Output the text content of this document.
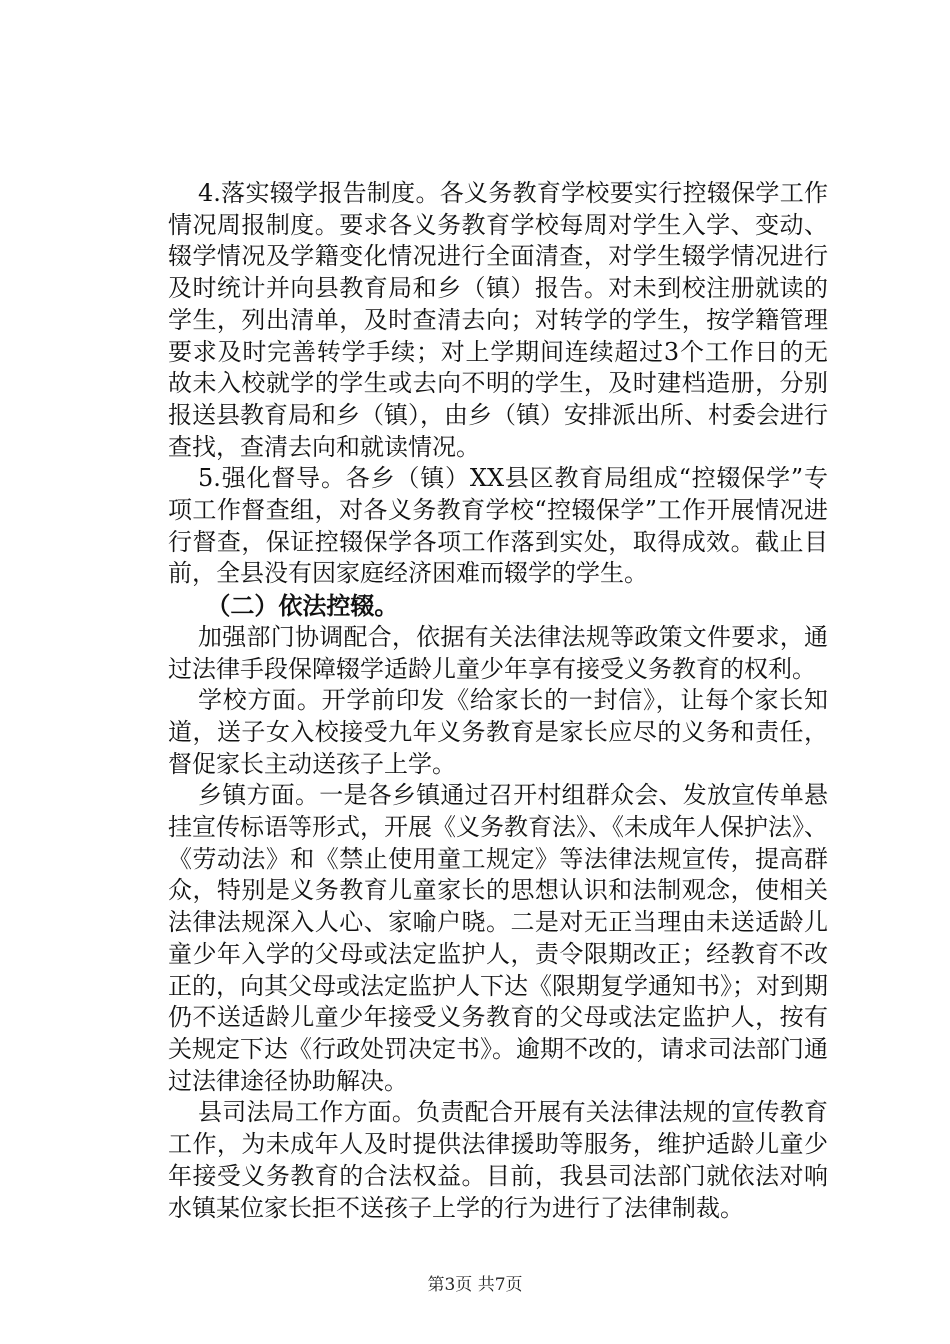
4.落实辍学报告制度。各义务教育学校要实行控辍保学工作情况周报制度。要求各义务教育学校每周对学生入学、变动、辍学情况及学籍变化情况进行全面清查，对学生辍学情况进行及时统计并向县教育局和乡（镇）报告。对未到校注册就读的学生，列出清单，及时查清去向；对转学的学生，按学籍管理要求及时完善转学手续；对上学期间连续超过3个工作日的无故未入校就学的学生或去向不明的学生，及时建档造册，分别报送县教育局和乡（镇），由乡（镇）安排派出所、村委会进行查找，查清去向和就读情况。

5.强化督导。各乡（镇）XX县区教育局组成“控辍保学”专项工作督查组，对各义务教育学校“控辍保学”工作开展情况进行督查，保证控辍保学各项工作落到实处，取得成效。截止目前，全县没有因家庭经济困难而辍学的学生。

（二）依法控辍。

加强部门协调配合，依据有关法律法规等政策文件要求，通过法律手段保障辍学适龄儿童少年享有接受义务教育的权利。

学校方面。开学前印发《给家长的一封信》，让每个家长知道，送子女入校接受九年义务教育是家长应尽的义务和责任，督促家长主动送孩子上学。

乡镇方面。一是各乡镇通过召开村组群众会、发放宣传单悬挂宣传标语等形式，开展《义务教育法》、《未成年人保护法》、《劳动法》和《禁止使用童工规定》等法律法规宣传，提高群众，特别是义务教育儿童家长的思想认识和法制观念，使相关法律法规深入人心、家喻户晓。二是对无正当理由未送适龄儿童少年入学的父母或法定监护人，责令限期改正；经教育不改正的，向其父母或法定监护人下达《限期复学通知书》；对到期仍不送适龄儿童少年接受义务教育的父母或法定监护人，按有关规定下达《行政处罚决定书》。逾期不改的，请求司法部门通过法律途径协助解决。

县司法局工作方面。负责配合开展有关法律法规的宣传教育工作，为未成年人及时提供法律援助等服务，维护适龄儿童少年接受义务教育的合法权益。目前，我县司法部门就依法对响水镇某位家长拒不送孩子上学的行为进行了法律制裁。

第3页 共7页
